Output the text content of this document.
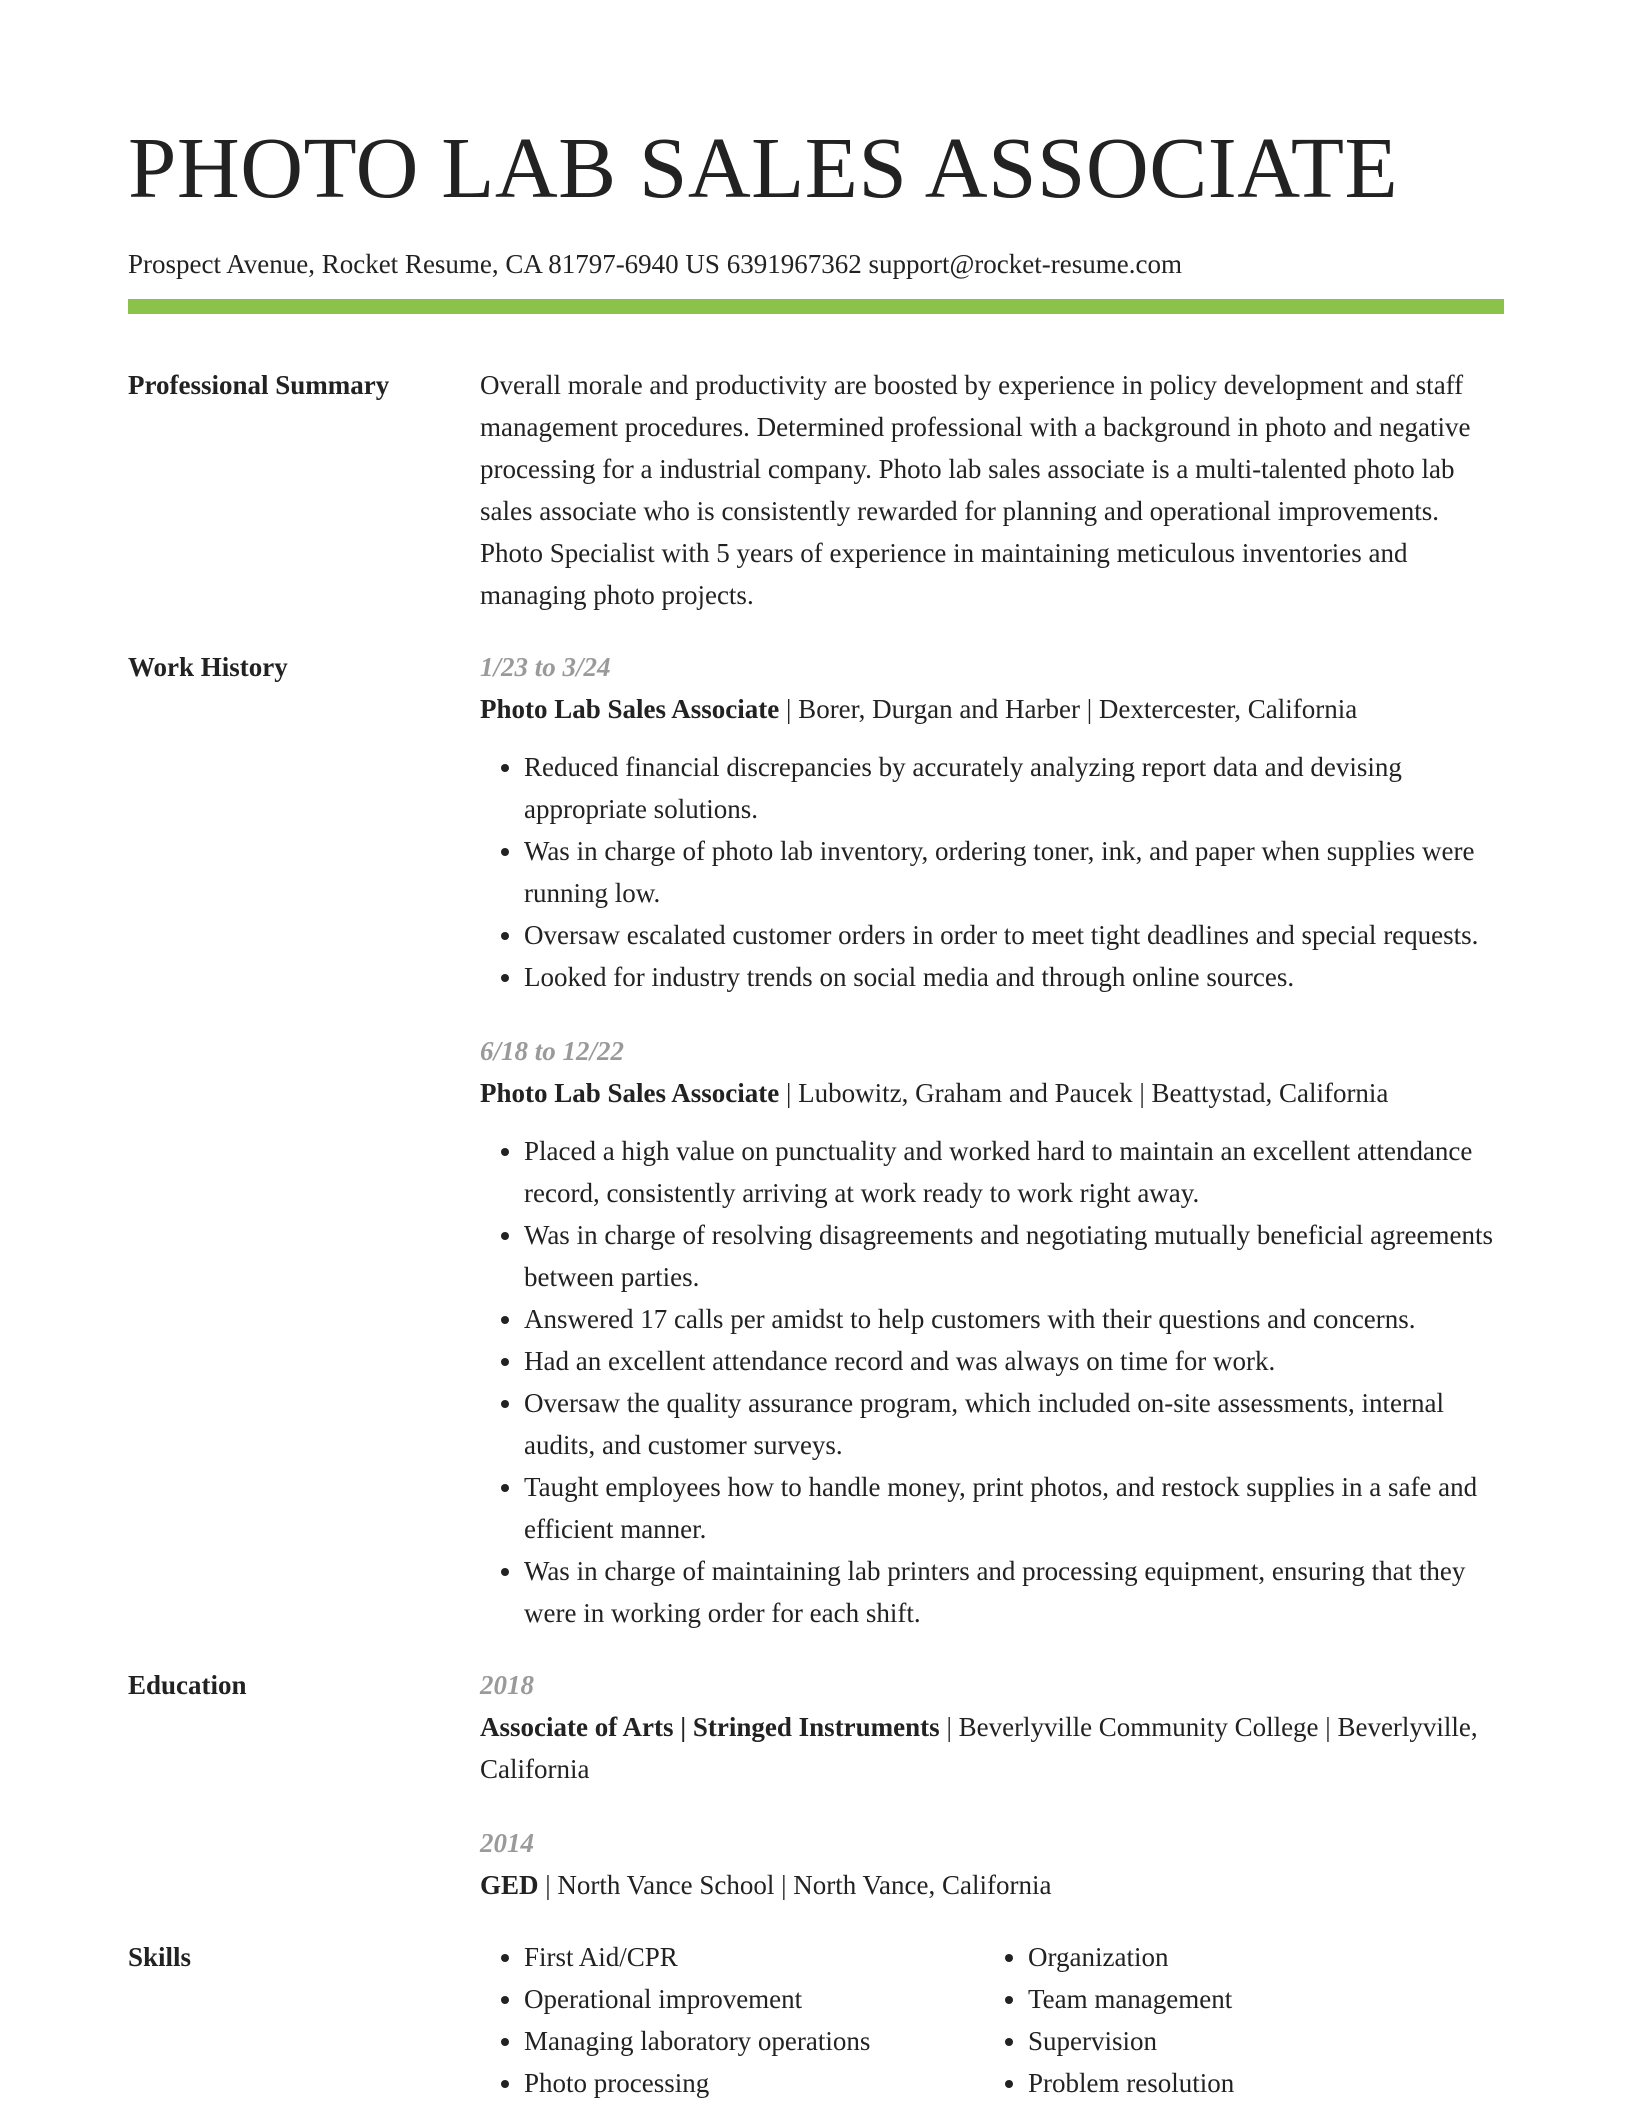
PHOTO LAB SALES ASSOCIATE
Prospect Avenue, Rocket Resume, CA 81797-6940 US 6391967362 support@rocket-resume.com
Professional Summary	Overall morale and productivity are boosted by experience in policy development and staff management procedures. Determined professional with a background in photo and negative processing for a industrial company. Photo lab sales associate is a multi-talented photo lab sales associate who is consistently rewarded for planning and operational improvements. Photo Specialist with 5 years of experience in maintaining meticulous inventories and managing photo projects.
Work History	1/23 to 3/24
Photo Lab Sales Associate | Borer, Durgan and Harber | Dextercester, California
• Reduced financial discrepancies by accurately analyzing report data and devising appropriate solutions.
• Was in charge of photo lab inventory, ordering toner, ink, and paper when supplies were running low.
• Oversaw escalated customer orders in order to meet tight deadlines and special requests.
• Looked for industry trends on social media and through online sources.
6/18 to 12/22
Photo Lab Sales Associate | Lubowitz, Graham and Paucek | Beattystad, California
• Placed a high value on punctuality and worked hard to maintain an excellent attendance record, consistently arriving at work ready to work right away.
• Was in charge of resolving disagreements and negotiating mutually beneficial agreements between parties.
• Answered 17 calls per amidst to help customers with their questions and concerns.
• Had an excellent attendance record and was always on time for work.
• Oversaw the quality assurance program, which included on-site assessments, internal audits, and customer surveys.
• Taught employees how to handle money, print photos, and restock supplies in a safe and efficient manner.
• Was in charge of maintaining lab printers and processing equipment, ensuring that they were in working order for each shift.
Education	2018
Associate of Arts | Stringed Instruments | Beverlyville Community College | Beverlyville, California
2014
GED | North Vance School | North Vance, California
Skills
•	First Aid/CPR
• Operational improvement
• Managing laboratory operations
• Photo processing
• Organization
• Team management
• Supervision
• Problem resolution
